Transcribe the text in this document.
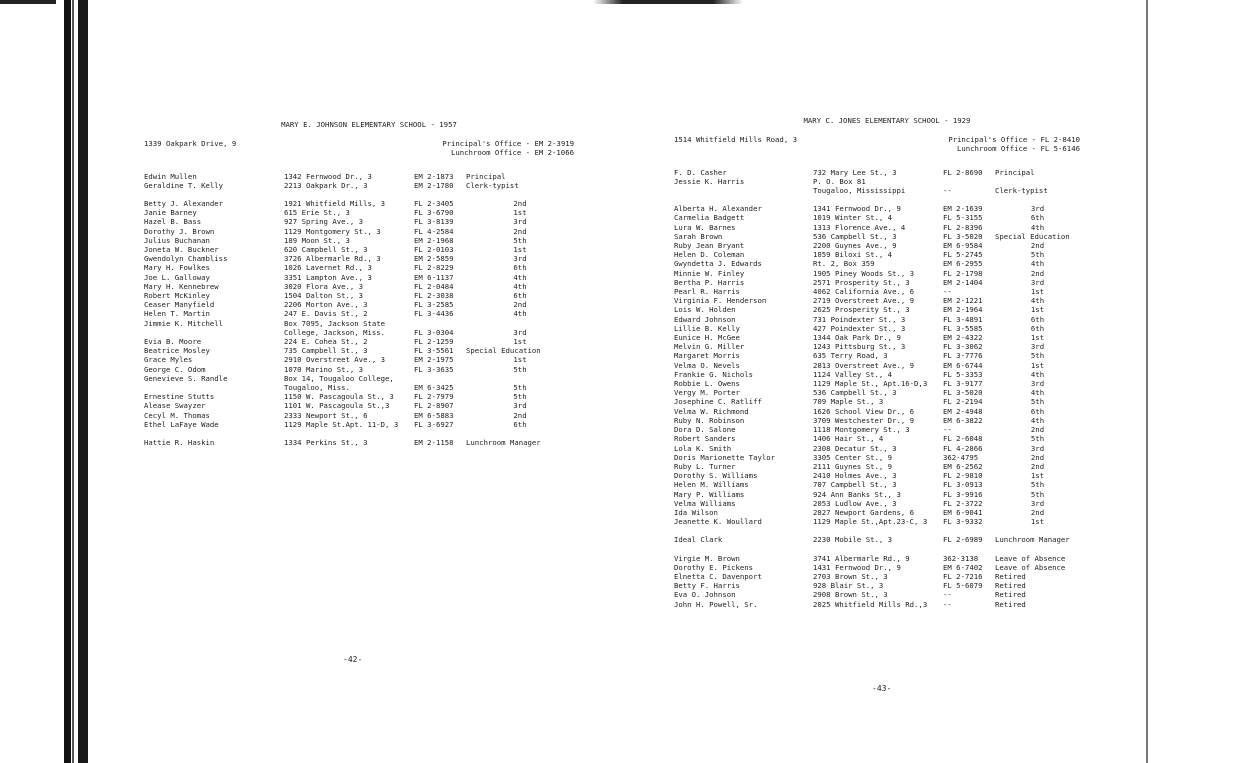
MARY E. JOHNSON ELEMENTARY SCHOOL - 1957
1339 Oakpark Drive, 9	Principal's Office - EM 2-3919
Lunchroom Office - EM 2-1066
Edwin Mullen	1342 Fernwood Dr., 3	EM 2-1873	Principal
Geraldine T. Kelly	2213 Oakpark Dr., 3	EM 2-1780	Clerk-typist
Betty J. Alexander	1921 Whitfield Mills, 3	FL 2-3405	2nd
Janie Barney	615 Erie St., 3	FL 3-6790	1st
Hazel B. Bass	927 Spring Ave., 3	FL 3-8139	3rd
Dorothy J. Brown	1129 Montgomery St., 3	FL 4-2584	2nd
Julius Buchanan	189 Moon St., 3	EM 2-1968	5th
Joneta W. Buckner	620 Campbell St., 3	FL 2-0103	1st
Gwendolyn Chambliss	3726 Albermarle Rd., 3	EM 2-5859	3rd
Mary H. Fowlkes	1026 Lavernet Rd., 3	FL 2-8229	6th
Joe L. Galloway	3351 Lampton Ave., 3	EM 6-1137	4th
Mary H. Kennebrew	3020 Flora Ave., 3	FL 2-0484	4th
Robert McKinley	1504 Dalton St., 3	FL 2-3038	6th
Ceaser Manyfield	2206 Morton Ave., 3	FL 3-2585	2nd
Helen T. Martin	247 E. Davis St., 2	FL 3-4436	4th
Jimmie K. Mitchell	Box 7095, Jackson State
College, Jackson, Miss.	FL 3-0304	3rd
Evia B. Moore	224 E. Cohea St., 2	FL 2-1259	1st
Beatrice Mosley	735 Campbell St., 3	FL 3-5561	Special Education
Grace Myles	2910 Overstreet Ave., 3	EM 2-1975	1st
George C. Odom	1070 Marino St., 3	FL 3-3635	5th
Genevieve S. Randle	Box 14, Tougaloo College,
Tougaloo, Miss.	EM 6-3425	5th
Ernestine Stutts	1150 W. Pascagoula St., 3	FL 2-7979	5th
Alease Swayzer	1101 W. Pascagoula St.,3	FL 2-8907	3rd
Cecyl M. Thomas	2333 Newport St., 6	EM 6-5883	2nd
Ethel LaFaye Wade	1129 Maple St.Apt. 11-D, 3	FL 3-6927	6th
Hattie R. Haskin	1334 Perkins St., 3	EM 2-1158	Lunchroom Manager
-42-
MARY C. JONES ELEMENTARY SCHOOL - 1929
1514 Whitfield Mills Road, 3	Principal's Office - FL 2-8410
Lunchroom Office - FL 5-6146
F. D. Casher	732 Mary Lee St., 3	FL 2-8690	Principal
Jessie K. Harris	P. O. Box 81
Tougaloo, Mississippi	--	Clerk-typist
Alberta H. Alexander	1341 Fernwood Dr., 9	EM 2-1639	3rd
Carmelia Badgett	1019 Winter St., 4	FL 5-3155	6th
Lura W. Barnes	1313 Florence Ave., 4	FL 2-8396	4th
Sarah Brown	536 Campbell St., 3	FL 3-5020	Special Education
Ruby Jean Bryant	2200 Guynes Ave., 9	EM 6-9584	2nd
Helen D. Coleman	1059 Biloxi St., 4	FL 5-2745	5th
Gwyndetta J. Edwards	Rt. 2, Box 359	EM 6-2955	4th
Minnie W. Finley	1905 Piney Woods St., 3	FL 2-1798	2nd
Bertha P. Harris	2571 Prosperity St., 3	EM 2-1404	3rd
Pearl R. Harris	4062 California Ave., 6	--	1st
Virginia F. Henderson	2719 Overstreet Ave., 9	EM 2-1221	4th
Lois W. Holden	2625 Prosperity St., 3	EM 2-1964	1st
Edward Johnson	731 Poindexter St., 3	FL 3-4891	6th
Lillie B. Kelly	427 Poindexter St., 3	FL 3-5585	6th
Eunice H. McGee	1344 Oak Park Dr., 9	EM 2-4322	1st
Melvin G. Miller	1243 Pittsburg St., 3	FL 3-3062	3rd
Margaret Morris	635 Terry Road, 3	FL 3-7776	5th
Velma O. Nevels	2813 Overstreet Ave., 9	EM 6-6744	1st
Frankie G. Nichols	1124 Valley St., 4	FL 5-3353	4th
Robbie L. Owens	1129 Maple St., Apt.16-D,3	FL 3-9177	3rd
Vergy M. Porter	536 Campbell St., 3	FL 3-5020	4th
Josephine C. Ratliff	709 Maple St., 3	FL 2-2194	5th
Velma W. Richmond	1626 School View Dr., 6	EM 2-4948	6th
Ruby N. Robinson	3709 Westchester Dr., 9	EM 6-3822	4th
Dora D. Salone	1118 Montgomery St., 3	--	2nd
Robert Sanders	1406 Hair St., 4	FL 2-6048	5th
Lola K. Smith	2308 Decatur St., 3	FL 4-2866	3rd
Doris Marionette Taylor	3305 Center St., 9	362-4795	2nd
Ruby L. Turner	2111 Guynes St., 9	EM 6-2562	2nd
Dorothy S. Williams	2410 Holmes Ave., 3	FL 2-9810	1st
Helen M. Williams	707 Campbell St., 3	FL 3-0913	5th
Mary P. Williams	924 Ann Banks St., 3	FL 3-9916	5th
Velma Williams	2053 Ludlow Ave., 3	FL 2-3722	3rd
Ida Wilson	2827 Newport Gardens, 6	EM 6-9041	2nd
Jeanette K. Woullard	1129 Maple St.,Apt.23-C, 3	FL 3-9332	1st
Ideal Clark	2230 Mobile St., 3	FL 2-6989	Lunchroom Manager
Virgie M. Brown	3741 Albermarle Rd., 9	362-3138	Leave of Absence
Dorothy E. Pickens	1431 Fernwood Dr., 9	EM 6-7402	Leave of Absence
Elnetta C. Davenport	2703 Brown St., 3	FL 2-7216	Retired
Betty F. Harris	928 Blair St., 3	FL 5-6079	Retired
Eva O. Johnson	2908 Brown St., 3	--	Retired
John H. Powell, Sr.	2025 Whitfield Mills Rd.,3	--	Retired
-43-
